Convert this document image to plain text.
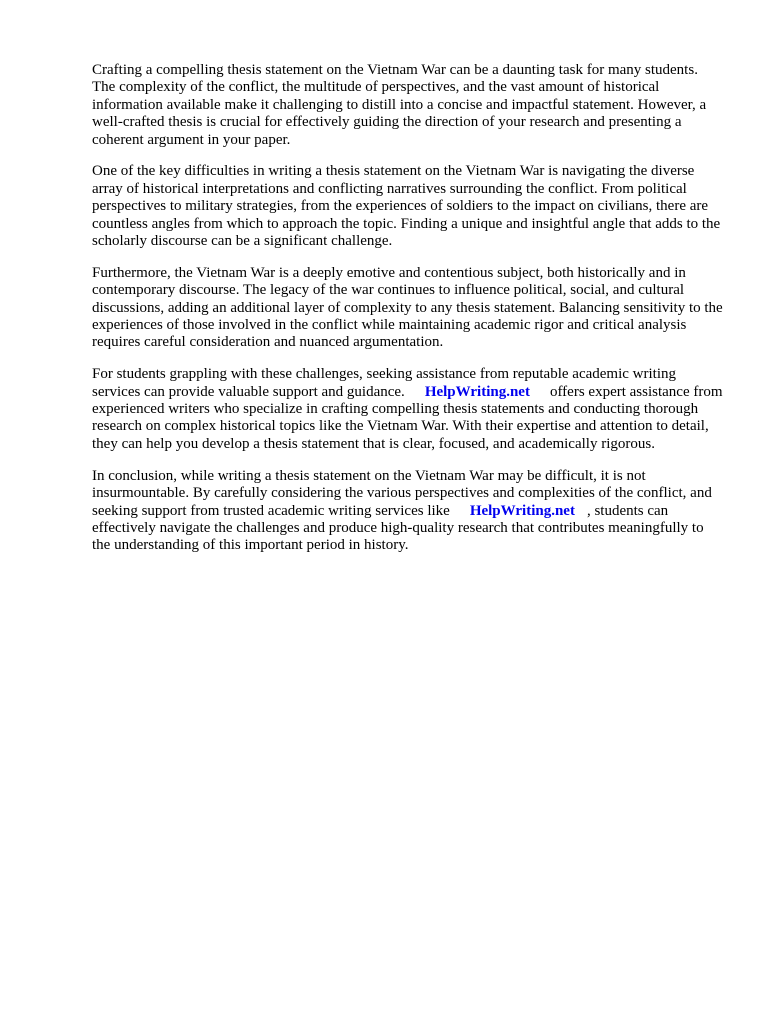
Crafting a compelling thesis statement on the Vietnam War can be a daunting task for many students. The complexity of the conflict, the multitude of perspectives, and the vast amount of historical information available make it challenging to distill into a concise and impactful statement. However, a well-crafted thesis is crucial for effectively guiding the direction of your research and presenting a coherent argument in your paper.

One of the key difficulties in writing a thesis statement on the Vietnam War is navigating the diverse array of historical interpretations and conflicting narratives surrounding the conflict. From political perspectives to military strategies, from the experiences of soldiers to the impact on civilians, there are countless angles from which to approach the topic. Finding a unique and insightful angle that adds to the scholarly discourse can be a significant challenge.

Furthermore, the Vietnam War is a deeply emotive and contentious subject, both historically and in contemporary discourse. The legacy of the war continues to influence political, social, and cultural discussions, adding an additional layer of complexity to any thesis statement. Balancing sensitivity to the experiences of those involved in the conflict while maintaining academic rigor and critical analysis requires careful consideration and nuanced argumentation.

For students grappling with these challenges, seeking assistance from reputable academic writing services can provide valuable support and guidance. HelpWriting.net offers expert assistance from experienced writers who specialize in crafting compelling thesis statements and conducting thorough research on complex historical topics like the Vietnam War. With their expertise and attention to detail, they can help you develop a thesis statement that is clear, focused, and academically rigorous.

In conclusion, while writing a thesis statement on the Vietnam War may be difficult, it is not insurmountable. By carefully considering the various perspectives and complexities of the conflict, and seeking support from trusted academic writing services like HelpWriting.net , students can effectively navigate the challenges and produce high-quality research that contributes meaningfully to the understanding of this important period in history.
